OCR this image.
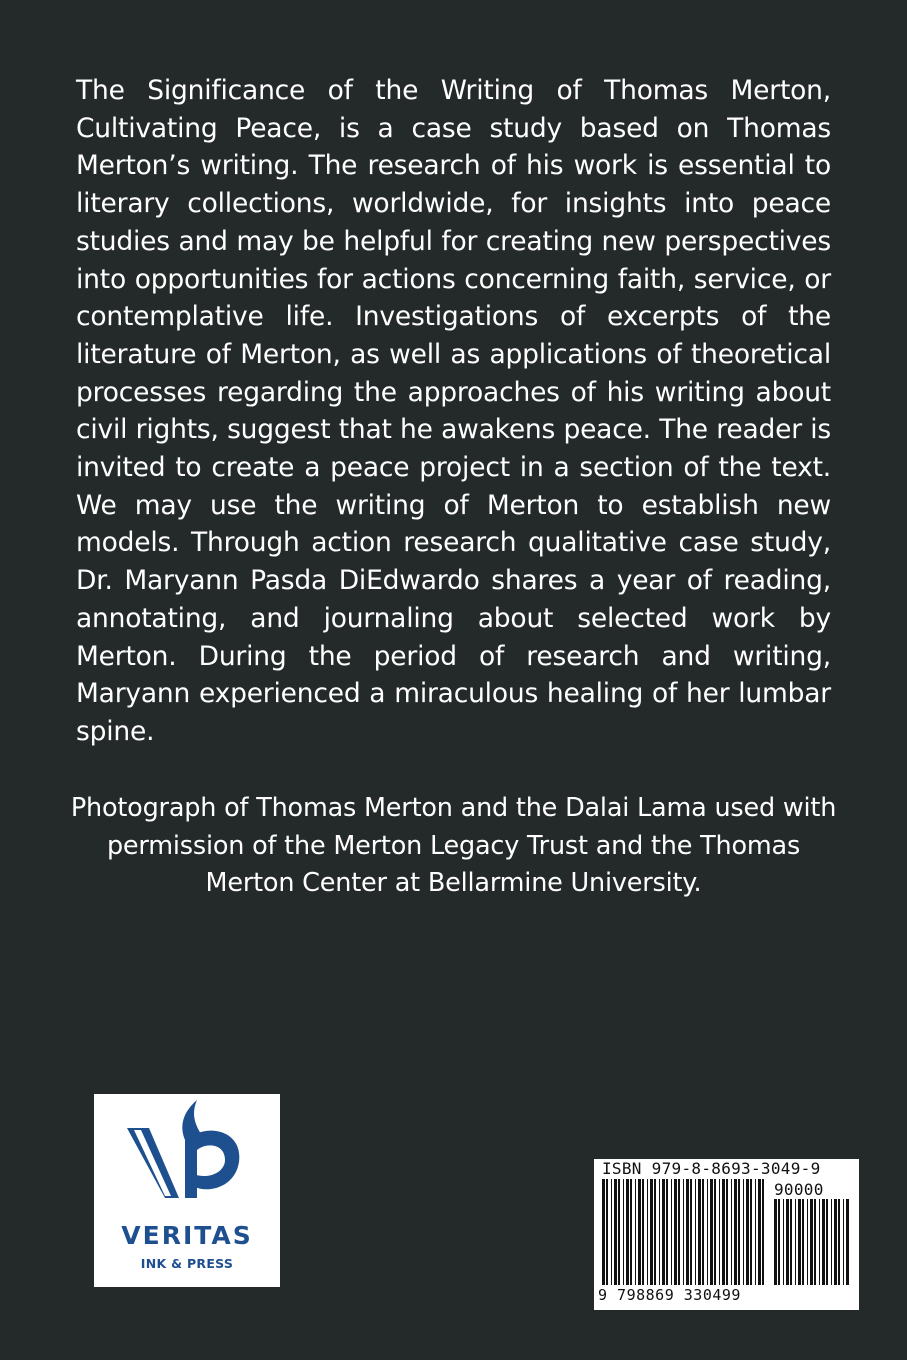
The Significance of the Writing of Thomas Merton, Cultivating Peace, is a case study based on Thomas Merton’s writing. The research of his work is essential to literary collections, worldwide, for insights into peace studies and may be helpful for creating new perspectives into opportunities for actions concerning faith, service, or contemplative life. Investigations of excerpts of the literature of Merton, as well as applications of theoretical processes regarding the approaches of his writing about civil rights, suggest that he awakens peace. The reader is invited to create a peace project in a section of the text. We may use the writing of Merton to establish new models. Through action research qualitative case study, Dr. Maryann Pasda DiEdwardo shares a year of reading, annotating, and journaling about selected work by Merton. During the period of research and writing, Maryann experienced a miraculous healing of her lumbar spine.

Photograph of Thomas Merton and the Dalai Lama used with permission of the Merton Legacy Trust and the Thomas Merton Center at Bellarmine University.

VERITAS
INK & PRESS
ISBN 979-8-8693-3049-9
90000
9 798869 330499
